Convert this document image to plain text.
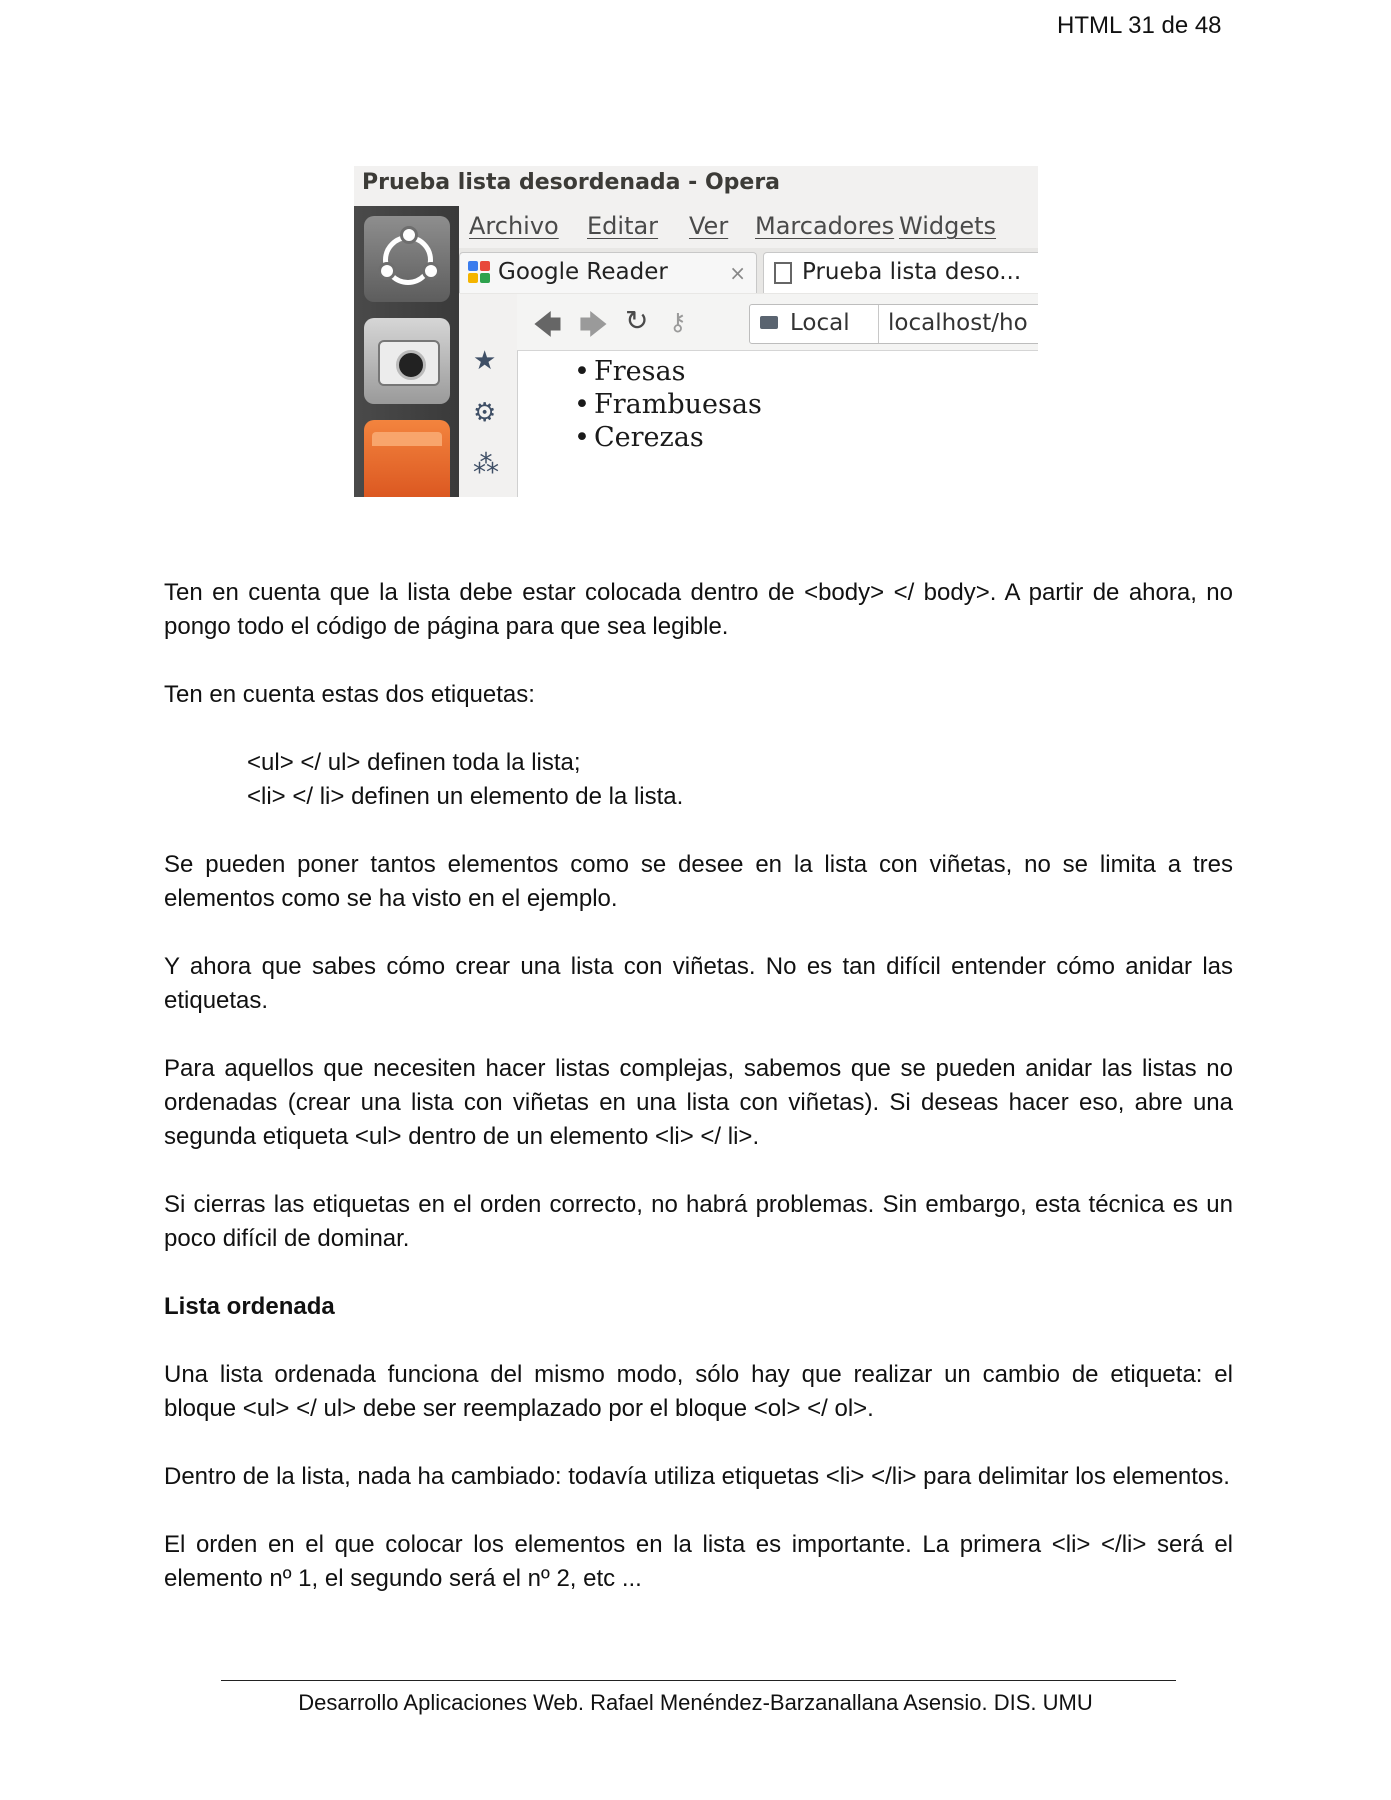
HTML 31 de 48
Prueba lista desordenada - Opera
Archivo Editar Ver Marcadores Widgets
Google Reader	× Prueba lista deso...
★
⚙
⁂
🡄 🡆 ↻ ⚷	Local localhost/ho
• Fresas
• Frambuesas
• Cerezas

Ten en cuenta que la lista debe estar colocada dentro de <body> </ body>. A partir de ahora, no pongo todo el código de página para que sea legible.

Ten en cuenta estas dos etiquetas:

<ul> </ ul> definen toda la lista;

<li> </ li> definen un elemento de la lista.

Se pueden poner tantos elementos como se desee en la lista con viñetas, no se limita a tres elementos como se ha visto en el ejemplo.

Y ahora que sabes cómo crear una lista con viñetas. No es tan difícil entender cómo anidar las etiquetas.

Para aquellos que necesiten hacer listas complejas, sabemos que se pueden anidar las listas no ordenadas (crear una lista con viñetas en una lista con viñetas). Si deseas hacer eso, abre una segunda etiqueta <ul> dentro de un elemento <li> </ li>.

Si cierras las etiquetas en el orden correcto, no habrá problemas. Sin embargo, esta técnica es un poco difícil de dominar.

Lista ordenada

Una lista ordenada funciona del mismo modo, sólo hay que realizar un cambio de etiqueta: el bloque <ul> </ ul> debe ser reemplazado por el bloque <ol> </ ol>.

Dentro de la lista, nada ha cambiado: todavía utiliza etiquetas <li> </li> para delimitar los elementos.

El orden en el que colocar los elementos en la lista es importante. La primera <li> </li> será el elemento nº 1, el segundo será el nº 2, etc ...

Desarrollo Aplicaciones Web. Rafael Menéndez-Barzanallana Asensio. DIS. UMU
